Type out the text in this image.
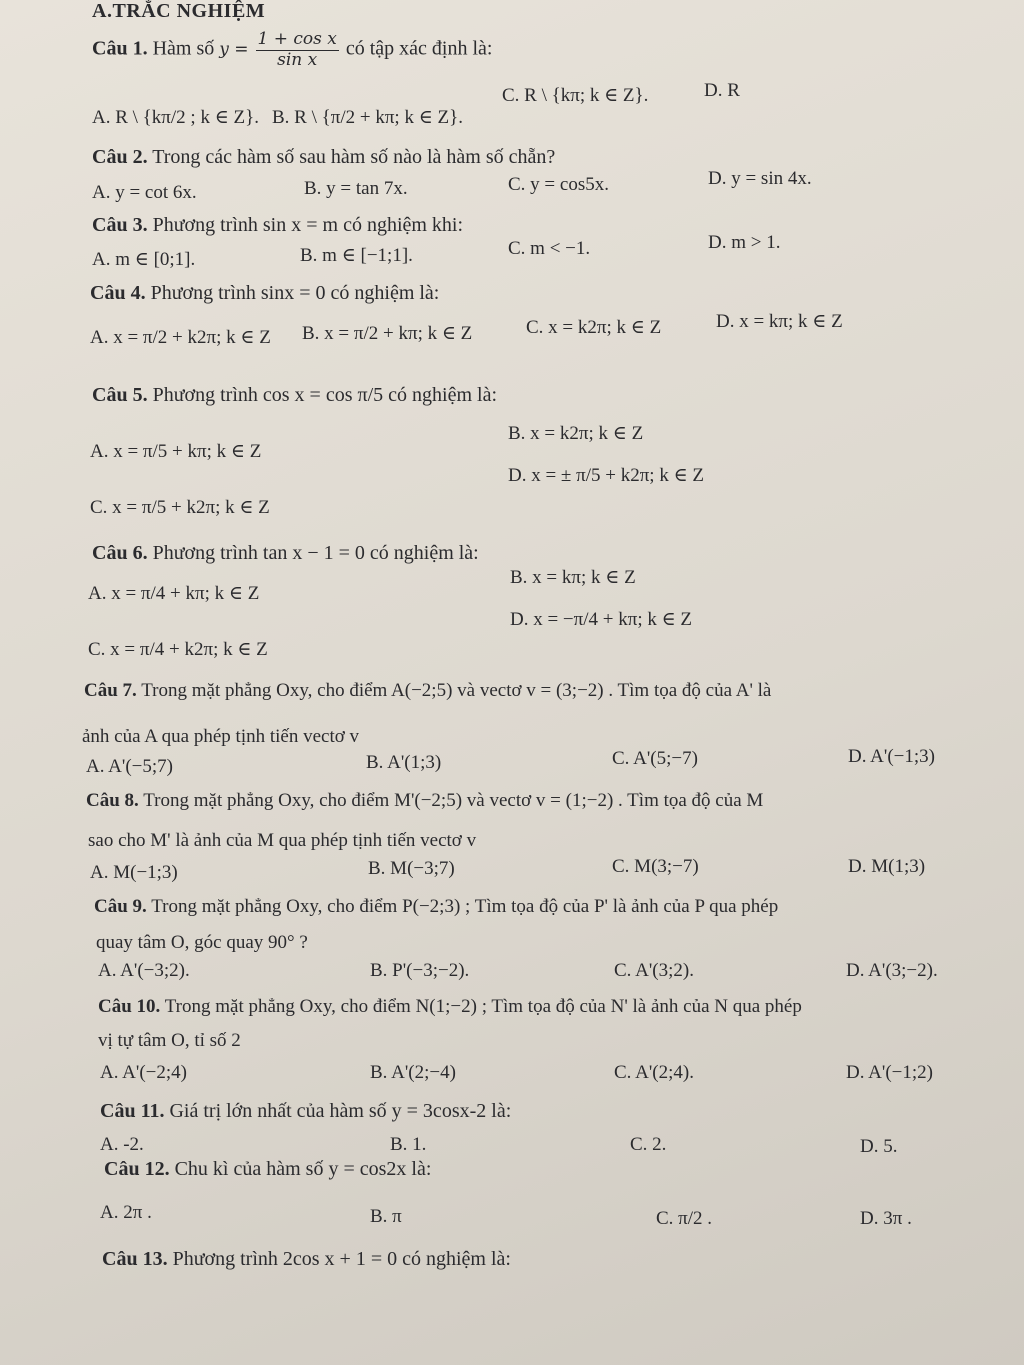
A.TRẮC NGHIỆM
Câu 1. Hàm số $y = \frac{\text{1 + cos x}}{\text{sin x}}$ có tập xác định là:
A. R \ {kπ/2 ; k ∈ Z}. B. R \ {π/2 + kπ; k ∈ Z}.
C. R \ {kπ; k ∈ Z}.	D. R
Câu 2. Trong các hàm số sau hàm số nào là hàm số chẵn?
A. y = cot 6x.	B. y = tan 7x.	C. y = cos5x.	D. y = sin 4x.
Câu 3. Phương trình sin x = m có nghiệm khi:
A. m ∈ [0;1].	B. m ∈ [−1;1].	C. m < −1.	D. m > 1.
Câu 4. Phương trình sinx = 0 có nghiệm là:
A. x = π/2 + k2π; k ∈ Z B. x = π/2 + kπ; k ∈ Z	C. x = k2π; k ∈ Z	D. x = kπ; k ∈ Z
Câu 5. Phương trình cos x = cos π/5 có nghiệm là:
A. x = π/5 + kπ; k ∈ Z
B. x = k2π; k ∈ Z
C. x = π/5 + k2π; k ∈ Z
D. x = ± π/5 + k2π; k ∈ Z
Câu 6. Phương trình tan x − 1 = 0 có nghiệm là:
A. x = π/4 + kπ; k ∈ Z
B. x = kπ; k ∈ Z
C. x = π/4 + k2π; k ∈ Z
D. x = −π/4 + kπ; k ∈ Z
Câu 7. Trong mặt phẳng Oxy, cho điểm A(−2;5) và vectơ v = (3;−2) . Tìm tọa độ của A' là
ảnh của A qua phép tịnh tiến vectơ v
A. A'(−5;7)	B. A'(1;3)	C. A'(5;−7)	D. A'(−1;3)
Câu 8. Trong mặt phẳng Oxy, cho điểm M'(−2;5) và vectơ v = (1;−2) . Tìm tọa độ của M
sao cho M' là ảnh của M qua phép tịnh tiến vectơ v
A. M(−1;3)	B. M(−3;7)	C. M(3;−7)	D. M(1;3)
Câu 9. Trong mặt phẳng Oxy, cho điểm P(−2;3) ; Tìm tọa độ của P' là ảnh của P qua phép
quay tâm O, góc quay 90° ?
A. A'(−3;2).	B. P'(−3;−2).	C. A'(3;2).	D. A'(3;−2).
Câu 10. Trong mặt phẳng Oxy, cho điểm N(1;−2) ; Tìm tọa độ của N' là ảnh của N qua phép
vị tự tâm O, tỉ số 2
A. A'(−2;4)	B. A'(2;−4)	C. A'(2;4).	D. A'(−1;2)
Câu 11. Giá trị lớn nhất của hàm số y = 3cosx-2 là:
A. -2.	B. 1.	C. 2.	D. 5.
Câu 12. Chu kì của hàm số y = cos2x là:
A. 2π .	B. π	C. π/2 .	D. 3π .
Câu 13. Phương trình 2cos x + 1 = 0 có nghiệm là:
